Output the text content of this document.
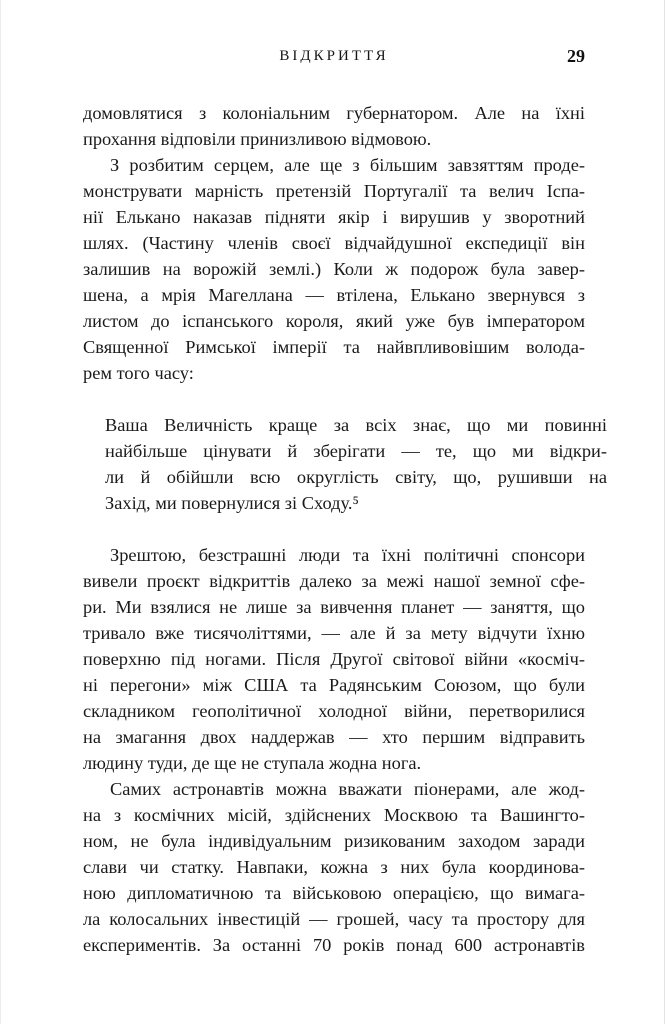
ВІДКРИТТЯ	29
домовлятися з колоніальним губернатором. Але на їхні
прохання відповіли принизливою відмовою.
З розбитим серцем, але ще з більшим завзяттям проде-
монструвати марність претензій Португалії та велич Іспа-
нії Елькано наказав підняти якір і вирушив у зворотний
шлях. (Частину членів своєї відчайдушної експедиції він
залишив на ворожій землі.) Коли ж подорож була завер-
шена, а мрія Магеллана — втілена, Елькано звернувся з
листом до іспанського короля, який уже був імператором
Священної Римської імперії та найвпливовішим волода-
рем того часу:
Ваша Величність краще за всіх знає, що ми повинні
найбільше цінувати й зберігати — те, що ми відкри-
ли й обійшли всю округлість світу, що, рушивши на
Захід, ми повернулися зі Сходу.⁵
Зрештою, безстрашні люди та їхні політичні спонсори
вивели проєкт відкриттів далеко за межі нашої земної сфе-
ри. Ми взялися не лише за вивчення планет — заняття, що
тривало вже тисячоліттями, — але й за мету відчути їхню
поверхню під ногами. Після Другої світової війни «косміч-
ні перегони» між США та Радянським Союзом, що були
складником геополітичної холодної війни, перетворилися
на змагання двох наддержав — хто першим відправить
людину туди, де ще не ступала жодна нога.
Самих астронавтів можна вважати піонерами, але жод-
на з космічних місій, здійснених Москвою та Вашингто-
ном, не була індивідуальним ризикованим заходом заради
слави чи статку. Навпаки, кожна з них була координова-
ною дипломатичною та військовою операцією, що вимага-
ла колосальних інвестицій — грошей, часу та простору для
експериментів. За останні 70 років понад 600 астронавтів
